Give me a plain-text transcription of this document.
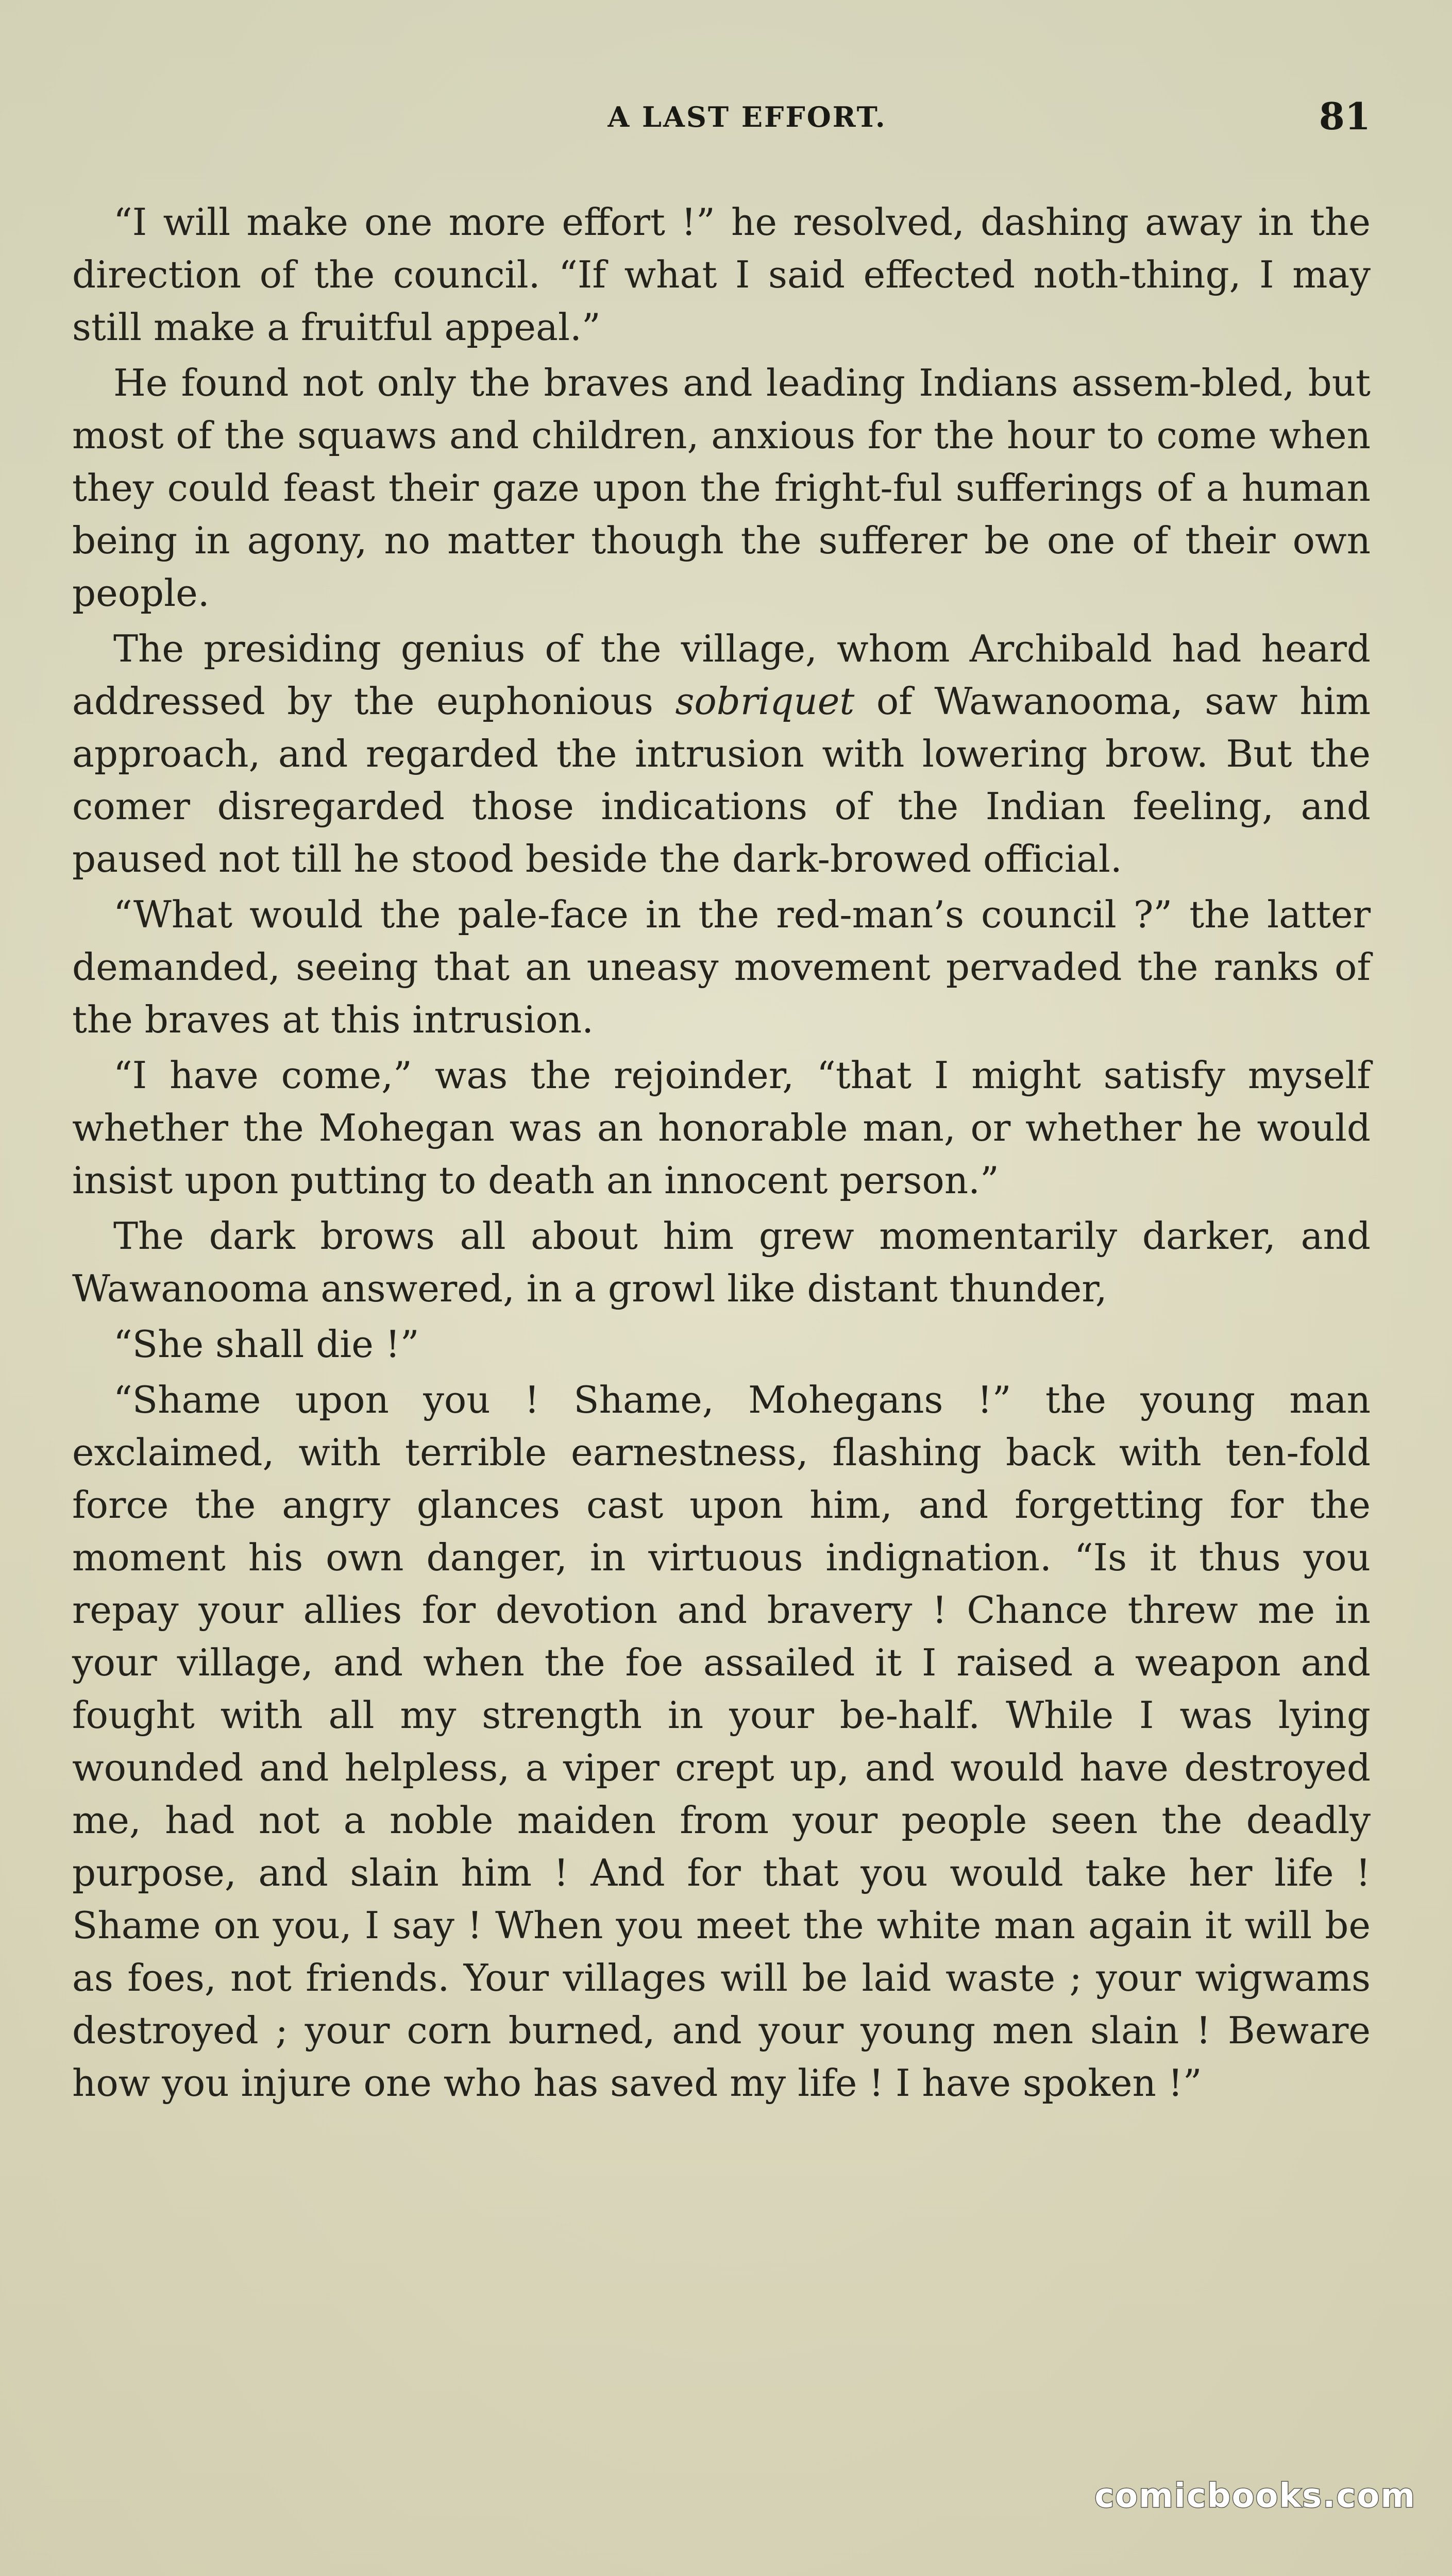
A LAST EFFORT.	81

“I will make one more effort !” he resolved, dashing away in the direction of the council. “If what I said effected noth-thing, I may still make a fruitful appeal.”

He found not only the braves and leading Indians assem-bled, but most of the squaws and children, anxious for the hour to come when they could feast their gaze upon the fright-ful sufferings of a human being in agony, no matter though the sufferer be one of their own people.

The presiding genius of the village, whom Archibald had heard addressed by the euphonious sobriquet of Wawanooma, saw him approach, and regarded the intrusion with lowering brow. But the comer disregarded those indications of the Indian feeling, and paused not till he stood beside the dark-browed official.

“What would the pale-face in the red-man’s council ?” the latter demanded, seeing that an uneasy movement pervaded the ranks of the braves at this intrusion.

“I have come,” was the rejoinder, “that I might satisfy myself whether the Mohegan was an honorable man, or whether he would insist upon putting to death an innocent person.”

The dark brows all about him grew momentarily darker, and Wawanooma answered, in a growl like distant thunder,

“She shall die !”

“Shame upon you ! Shame, Mohegans !” the young man exclaimed, with terrible earnestness, flashing back with ten-fold force the angry glances cast upon him, and forgetting for the moment his own danger, in virtuous indignation. “Is it thus you repay your allies for devotion and bravery ! Chance threw me in your village, and when the foe assailed it I raised a weapon and fought with all my strength in your be-half. While I was lying wounded and helpless, a viper crept up, and would have destroyed me, had not a noble maiden from your people seen the deadly purpose, and slain him ! And for that you would take her life ! Shame on you, I say ! When you meet the white man again it will be as foes, not friends. Your villages will be laid waste ; your wigwams destroyed ; your corn burned, and your young men slain ! Beware how you injure one who has saved my life ! I have spoken !”

comicbooks.com
